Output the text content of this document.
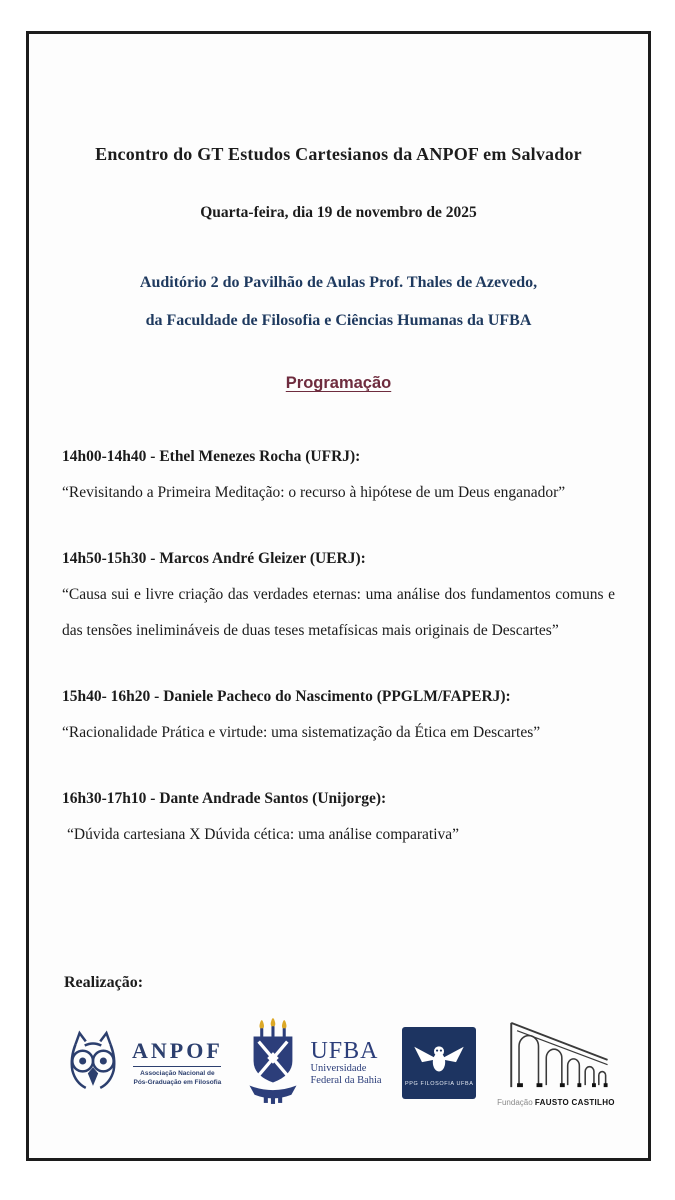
Encontro do GT Estudos Cartesianos da ANPOF em Salvador
Quarta-feira, dia 19 de novembro de 2025
Auditório 2 do Pavilhão de Aulas Prof. Thales de Azevedo,
da Faculdade de Filosofia e Ciências Humanas da UFBA
Programação
14h00-14h40 - Ethel Menezes Rocha (UFRJ):
“Revisitando a Primeira Meditação: o recurso à hipótese de um Deus enganador”
14h50-15h30 - Marcos André Gleizer (UERJ):
“Causa sui e livre criação das verdades eternas: uma análise dos fundamentos comuns e das tensões inelimináveis de duas teses metafísicas mais originais de Descartes”
15h40- 16h20 - Daniele Pacheco do Nascimento (PPGLM/FAPERJ):
“Racionalidade Prática e virtude: uma sistematização da Ética em Descartes”
16h30-17h10 - Dante Andrade Santos (Unijorge):
“Dúvida cartesiana X Dúvida cética: uma análise comparativa”
Realização:
ANPOF
Associação Nacional de
Pós-Graduação em Filosofia
UFBA
Universidade
Federal da Bahia	PPG FILOSOFIA UFBA
Fundação FAUSTO CASTILHO
